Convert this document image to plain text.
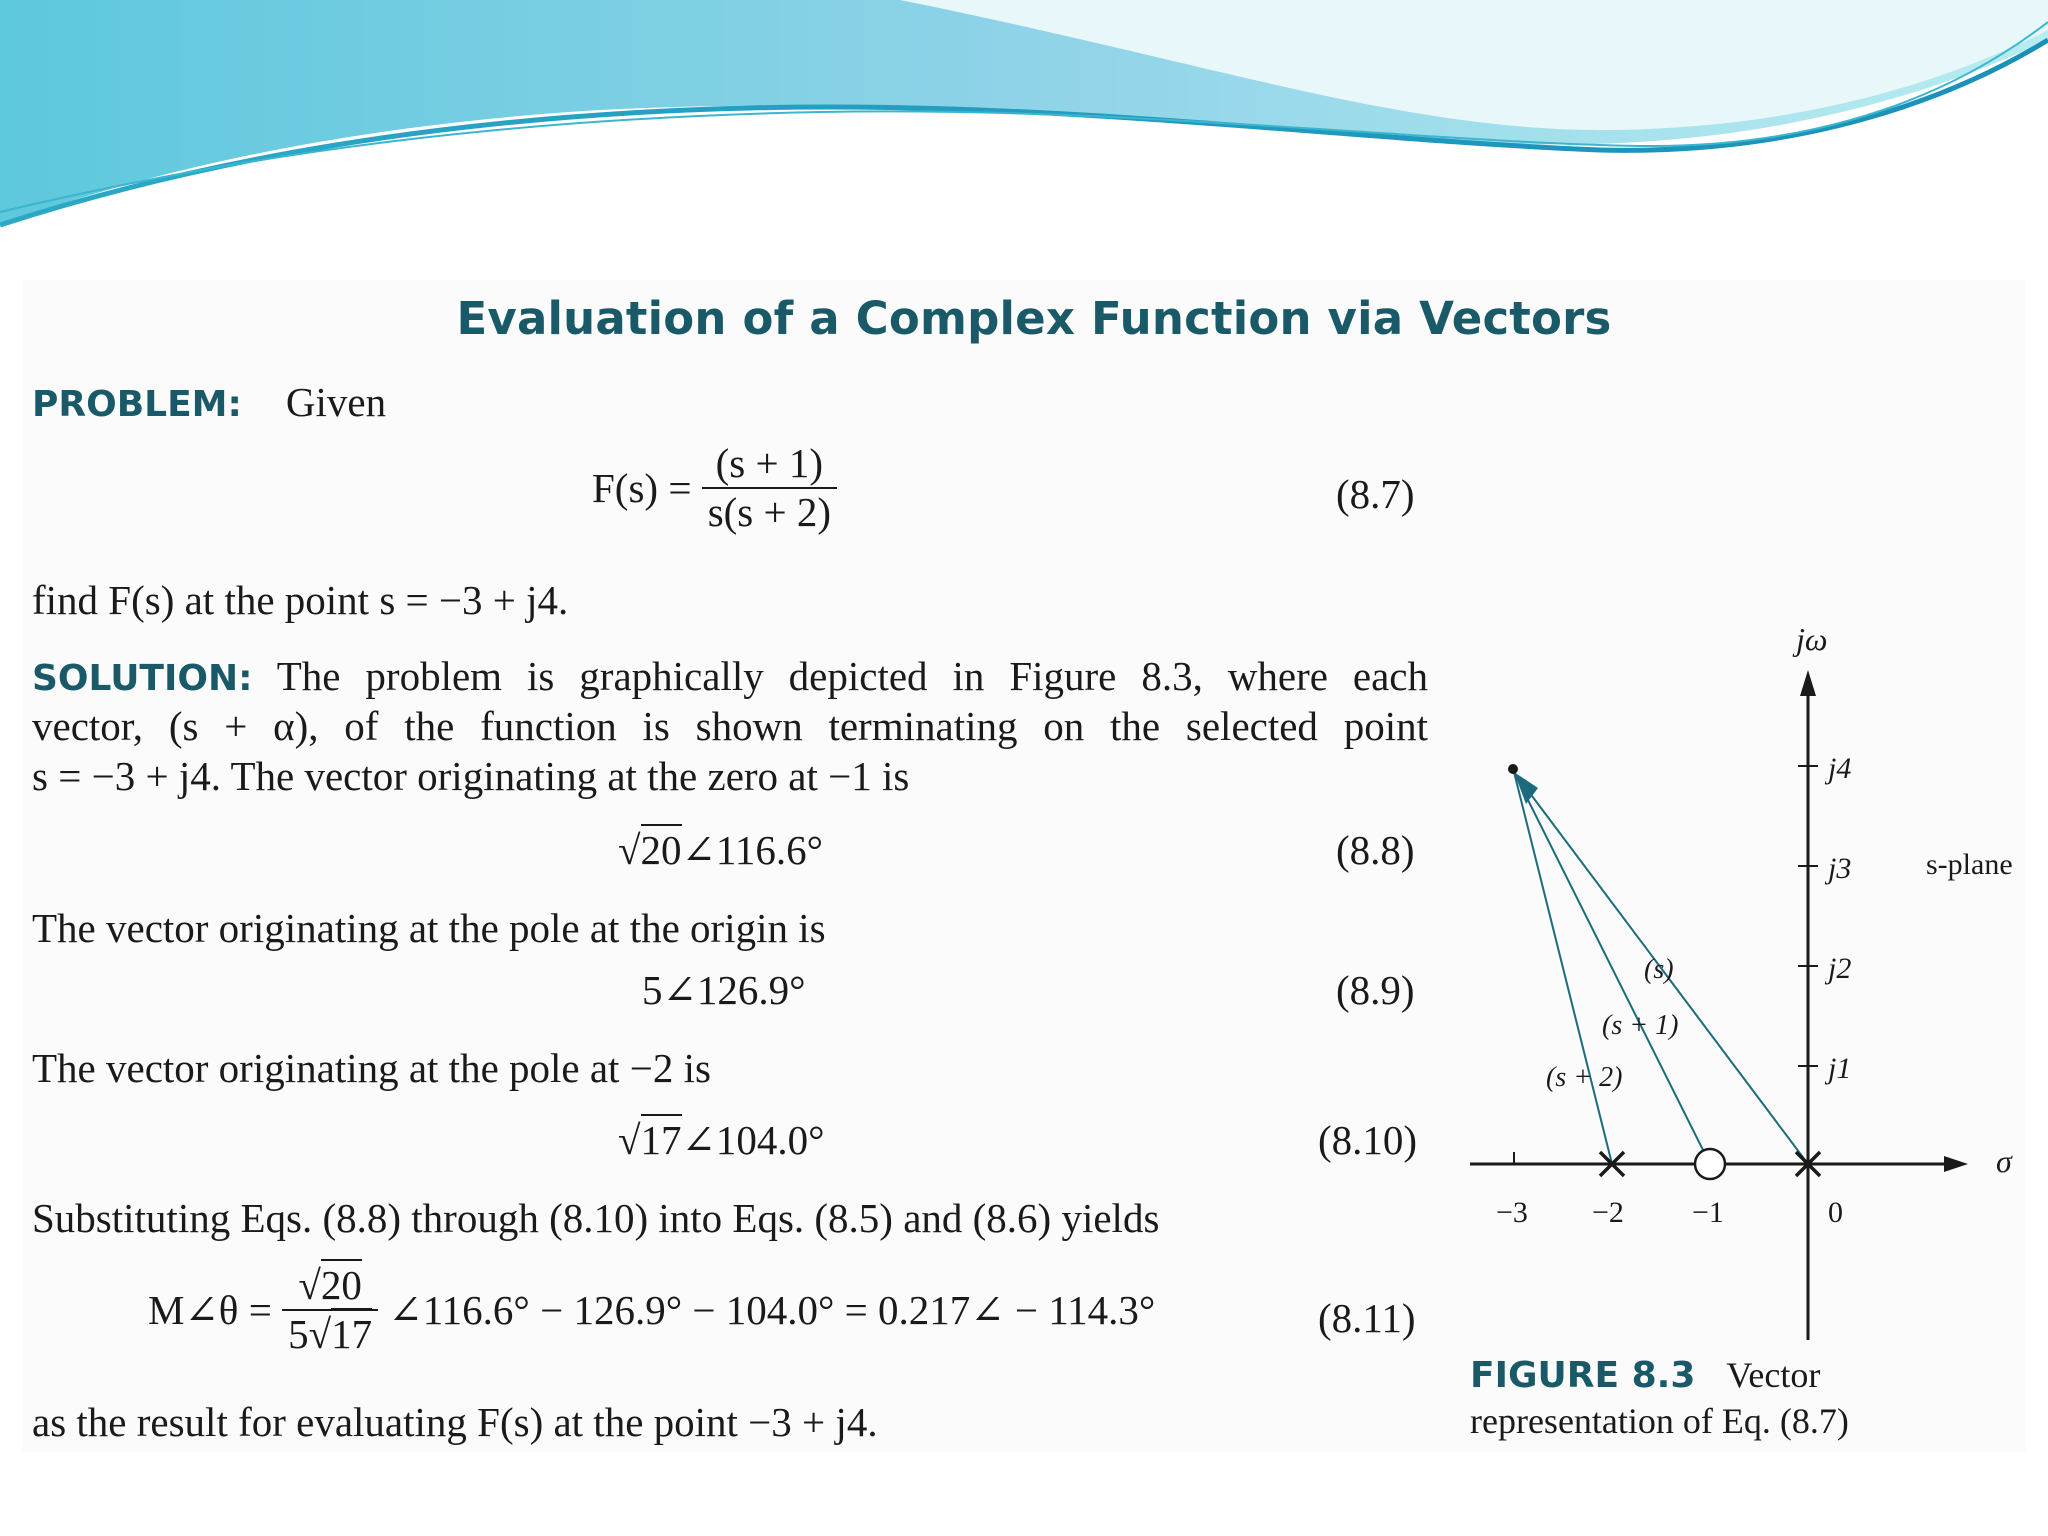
Evaluation of a Complex Function via Vectors
PROBLEM: Given
$F(s) = \frac{(s + 1)}{s(s + 2)}$	(8.7)
find F(s) at the point s = −3 + j4.
SOLUTION: The problem is graphically depicted in Figure 8.3, where each
vector, (s + α), of the function is shown terminating on the selected point
s = −3 + j4. The vector originating at the zero at −1 is
√20∠116.6°	(8.8)
The vector originating at the pole at the origin is
5∠126.9°	(8.9)
The vector originating at the pole at −2 is
√17∠104.0°	(8.10)
Substituting Eqs. (8.8) through (8.10) into Eqs. (8.5) and (8.6) yields
M∠θ = $\frac{√20}{5√17}$ ∠116.6° − 126.9° − 104.0° = 0.217∠ − 114.3°	(8.11)
as the result for evaluating F(s) at the point −3 + j4.
jω
σ
s-plane
j4
j3
j2
j1
−3 −2 −1	0
(s)
(s + 1)
(s + 2)
FIGURE 8.3 Vector
representation of Eq. (8.7)
